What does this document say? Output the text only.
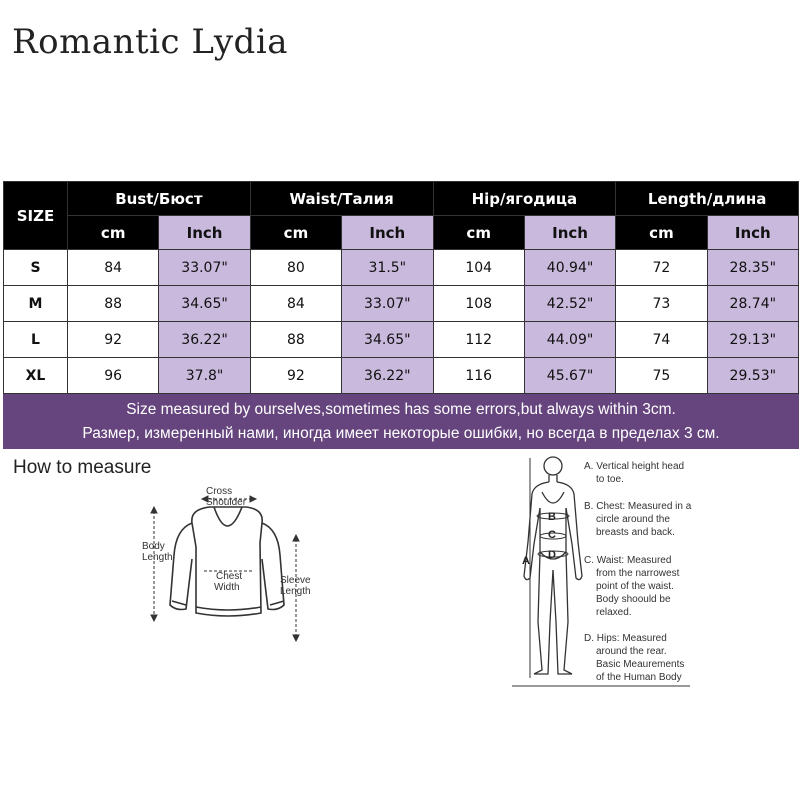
Romantic Lydia
SIZE	Bust/Бюст		Waist/Талия		Hip/ягодица		Length/длина	
	cm	Inch	cm	Inch	cm	Inch	cm	Inch
S	84	33.07"	80	31.5"	104	40.94"	72	28.35"
M	88	34.65"	84	33.07"	108	42.52"	73	28.74"
L	92	36.22"	88	34.65"	112	44.09"	74	29.13"
XL	96	37.8"	92	36.22"	116	45.67"	75	29.53"
Size measured by ourselves,sometimes has some errors,but always within 3cm.
Размер, измеренный нами, иногда имеет некоторые ошибки, но всегда в пределах 3 см.
How to measure
Cross Shoulder
Body Length
Chest Width
Sleeve Length
A
B
C
D
A. Vertical height head to toe.
B. Chest: Measured in a circle around the breasts and back.
C. Waist: Measured from the narrowest point of the waist. Body shoould be relaxed.
D. Hips: Measured around the rear. Basic Meaurements of the Human Body
